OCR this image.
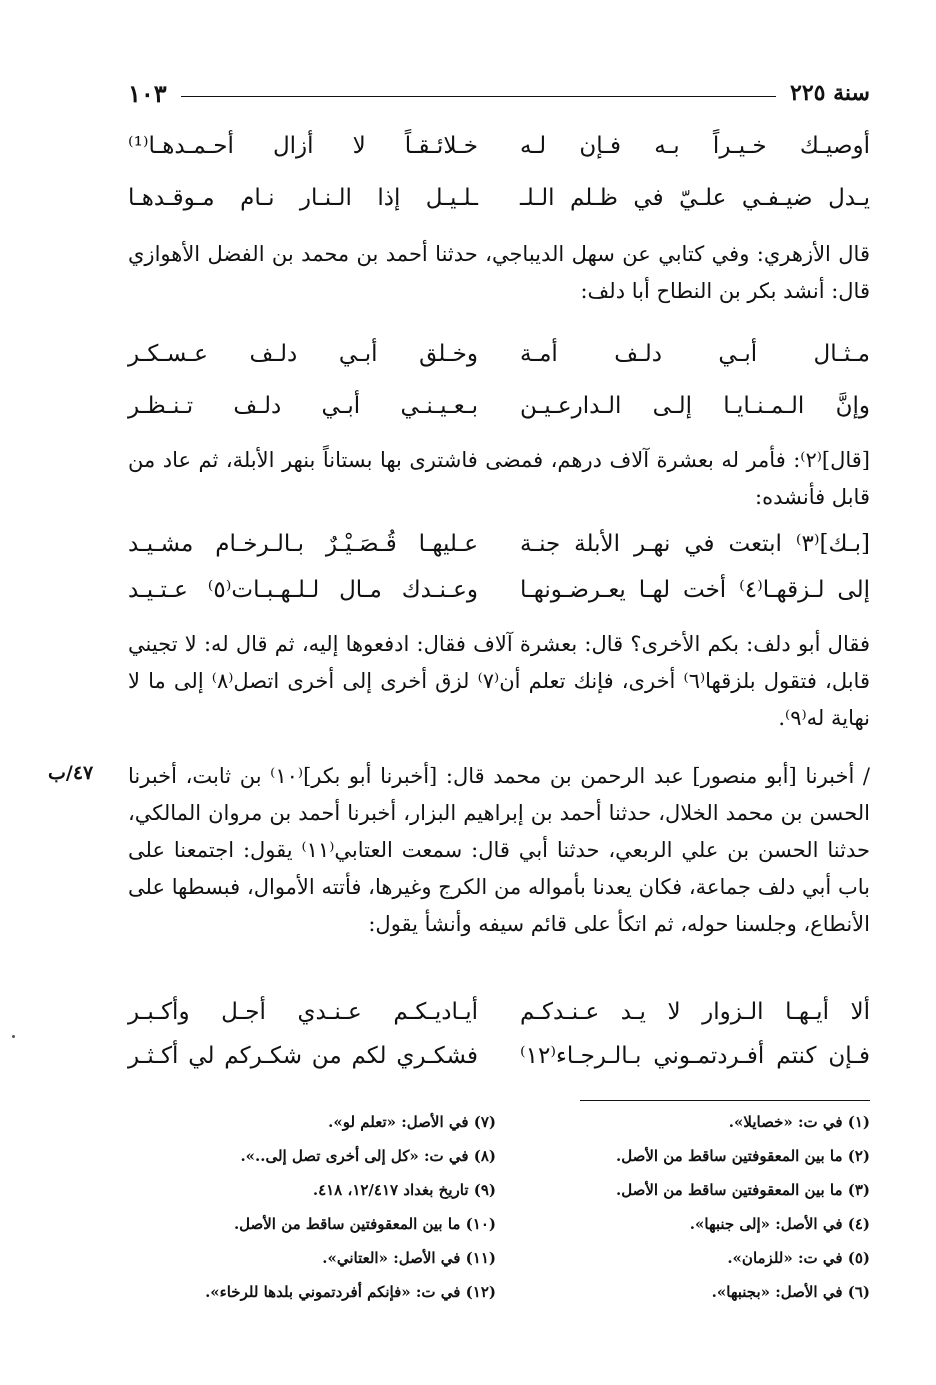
سنة ٢٢٥
١٠٣
أوصيـك خـيـراً بـه فـإن لـه
خـلائـقـاً لا أزال أحـمـدهـا⁽¹⁾
يـدل ضيـفـي علـيّ في ظـلم الـلـ
ـلـيـل إذا الـنـار نـام مـوقـدهـا

قال الأزهري: وفي كتابي عن سهل الديباجي، حدثنا أحمد بن محمد بن الفضل الأهوازي قال: أنشد بكر بن النطاح أبا دلف:

مـثـال أبـي دلـف أمـة
وخـلق أبـي دلـف عـسـكـر
وإنَّ الـمـنـايـا إلـى الـدارعـيـن
بـعـيـنـي أبـي دلـف تـنـظـر

[قال]⁽٢⁾: فأمر له بعشرة آلاف درهم، فمضى فاشترى بها بستاناً بنهر الأبلة، ثم عاد من قابل فأنشده:

[بـك]⁽٣⁾ ابتعت في نهـر الأبلة جنـة
عـليهـا قُـصَـيْـرٌ بـالـرخـام مشـيـد
إلى لـزقهـا⁽٤⁾ أخت لهـا يعـرضـونهـا
وعـنـدك مـال لـلـهـبـات⁽٥⁾ عـتـيـد

فقال أبو دلف: بكم الأخرى؟ قال: بعشرة آلاف فقال: ادفعوها إليه، ثم قال له: لا تجيني قابل، فتقول بلزقها⁽٦⁾ أخرى، فإنك تعلم أن⁽٧⁾ لزق أخرى إلى أخرى اتصل⁽٨⁾ إلى ما لا نهاية له⁽٩⁾.

٤٧/ب / أخبرنا [أبو منصور] عبد الرحمن بن محمد قال: [أخبرنا أبو بكر]⁽١٠⁾ بن ثابت، أخبرنا الحسن بن محمد الخلال، حدثنا أحمد بن إبراهيم البزار، أخبرنا أحمد بن مروان المالكي، حدثنا الحسن بن علي الربعي، حدثنا أبي قال: سمعت العتابي⁽١١⁾ يقول: اجتمعنا على باب أبي دلف جماعة، فكان يعدنا بأمواله من الكرج وغيرها، فأتته الأموال، فبسطها على الأنطاع، وجلسنا حوله، ثم اتكأ على قائم سيفه وأنشأ يقول:

ألا أيـهـا الـزوار لا يـد عـنـدكـم
أيـاديـكـم عـنـدي أجـل وأكـبـر
فـإن كنتم أفـردتمـوني بـالـرجـاء⁽١٢⁾
فشكـري لكم من شكـركم لي أكـثـر
(١) في ت: «خصايلا».
(٢) ما بين المعقوفتين ساقط من الأصل.
(٣) ما بين المعقوفتين ساقط من الأصل.
(٤) في الأصل: «إلى جنبها».
(٥) في ت: «للزمان».
(٦) في الأصل: «بجنبها».
(٧) في الأصل: «تعلم لو».
(٨) في ت: «كل إلى أخرى تصل إلى..».
(٩) تاريخ بغداد ١٢/٤١٧، ٤١٨.
(١٠) ما بين المعقوفتين ساقط من الأصل.
(١١) في الأصل: «العتاني».
(١٢) في ت: «فإنكم أفردتموني بلدها للرخاء».
